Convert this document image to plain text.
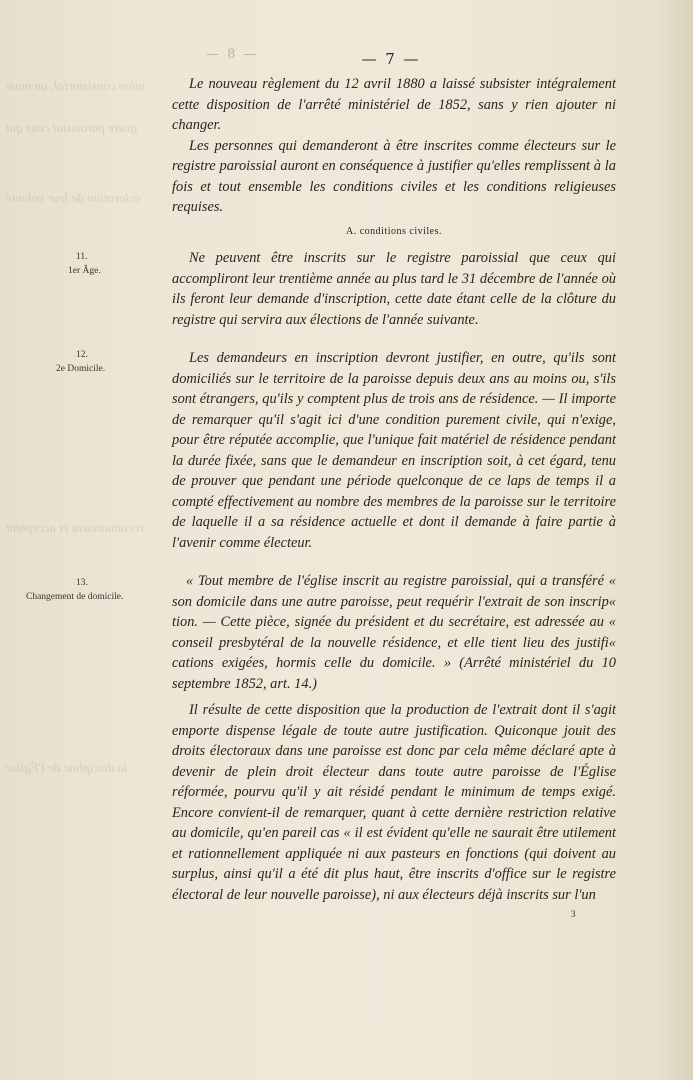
ution consistorial, un nouv
gistre paroissial ceux qui
éclaration de leur volonté
reconnaissent et acceptent
la discipline de l'Église
— 8 —	— 7 —
11.
1er Âge.
12.
2e Domicile.
13.
Changement de domicile.

Le nouveau règlement du 12 avril 1880 a laissé subsister intégralement cette disposition de l'arrêté ministériel de 1852, sans y rien ajouter ni changer.

Les personnes qui demanderont à être inscrites comme électeurs sur le registre paroissial auront en conséquence à justifier qu'elles remplissent à la fois et tout ensemble les conditions civiles et les conditions religieuses requises.

A. conditions civiles.

Ne peuvent être inscrits sur le registre paroissial que ceux qui accompliront leur trentième année au plus tard le 31 décembre de l'année où ils feront leur demande d'inscription, cette date étant celle de la clôture du registre qui servira aux élections de l'année suivante.

Les demandeurs en inscription devront justifier, en outre, qu'ils sont domiciliés sur le territoire de la paroisse depuis deux ans au moins ou, s'ils sont étrangers, qu'ils y comptent plus de trois ans de résidence. — Il importe de remarquer qu'il s'agit ici d'une condition purement civile, qui n'exige, pour être réputée accomplie, que l'unique fait matériel de résidence pendant la durée fixée, sans que le demandeur en inscription soit, à cet égard, tenu de prouver que pendant une période quelconque de ce laps de temps il a compté effectivement au nombre des membres de la paroisse sur le territoire de laquelle il a sa résidence actuelle et dont il demande à faire partie à l'avenir comme électeur.

« Tout membre de l'église inscrit au registre paroissial, qui a transféré « son domicile dans une autre paroisse, peut requérir l'extrait de son inscrip« tion. — Cette pièce, signée du président et du secrétaire, est adressée au « conseil presbytéral de la nouvelle résidence, et elle tient lieu des justifi« cations exigées, hormis celle du domicile. » (Arrêté ministériel du 10 septembre 1852, art. 14.)

Il résulte de cette disposition que la production de l'extrait dont il s'agit emporte dispense légale de toute autre justification. Quiconque jouit des droits électoraux dans une paroisse est donc par cela même déclaré apte à devenir de plein droit électeur dans toute autre paroisse de l'Église réformée, pourvu qu'il y ait résidé pendant le minimum de temps exigé. Encore convient-il de remarquer, quant à cette dernière restriction relative au domicile, qu'en pareil cas « il est évident qu'elle ne saurait être utilement et rationnellement appliquée ni aux pasteurs en fonctions (qui doivent au surplus, ainsi qu'il a été dit plus haut, être inscrits d'office sur le registre électoral de leur nouvelle paroisse), ni aux électeurs déjà inscrits sur l'un

3
